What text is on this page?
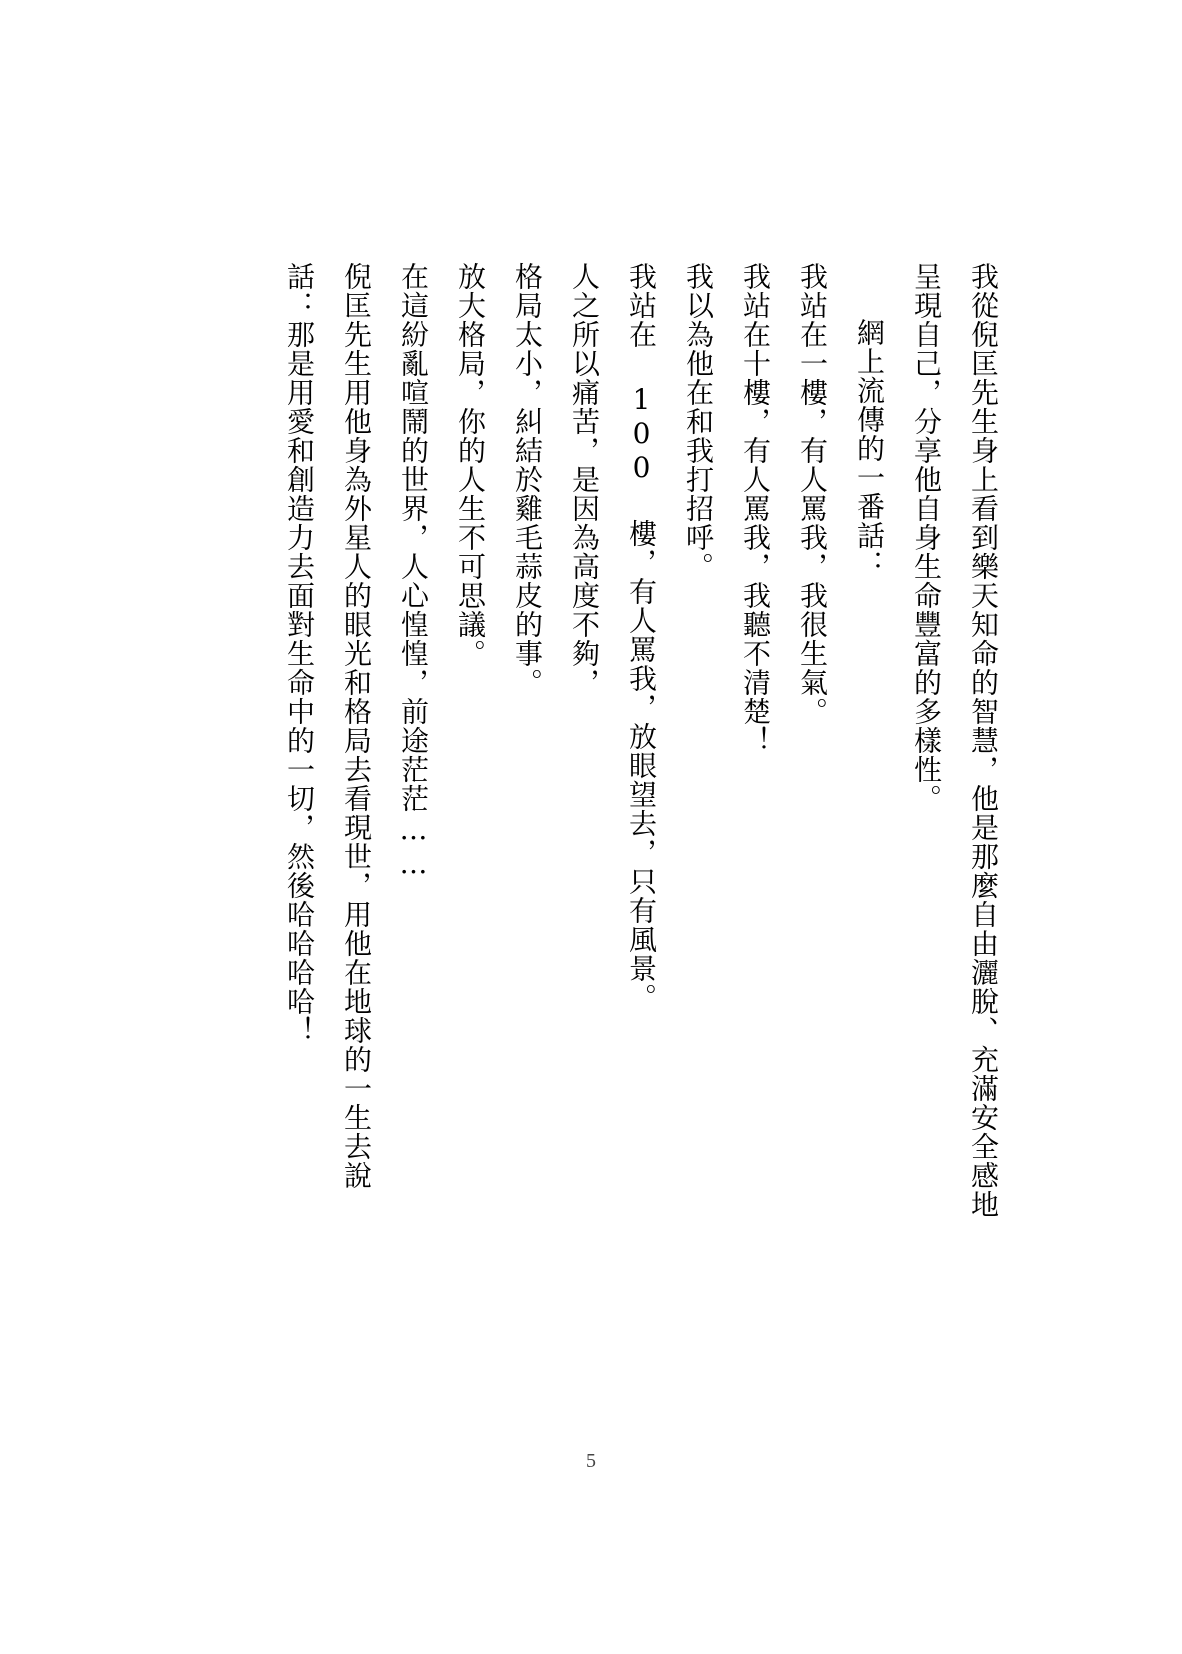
我從倪匡先生身上看到樂天知命的智慧，他是那麼自由灑脫、充滿安全感地

呈現自己，分享他自身生命豐富的多樣性。

網上流傳的一番話：

我站在一樓，有人罵我，我很生氣。

我站在十樓，有人罵我，我聽不清楚！

我以為他在和我打招呼。

我站在 100 樓，有人罵我，放眼望去，只有風景。

人之所以痛苦，是因為高度不夠，

格局太小，糾結於雞毛蒜皮的事。

放大格局，你的人生不可思議。

在這紛亂喧鬧的世界，人心惶惶，前途茫茫……

倪匡先生用他身為外星人的眼光和格局去看現世，用他在地球的一生去說

話：那是用愛和創造力去面對生命中的一切，然後哈哈哈哈！

5
